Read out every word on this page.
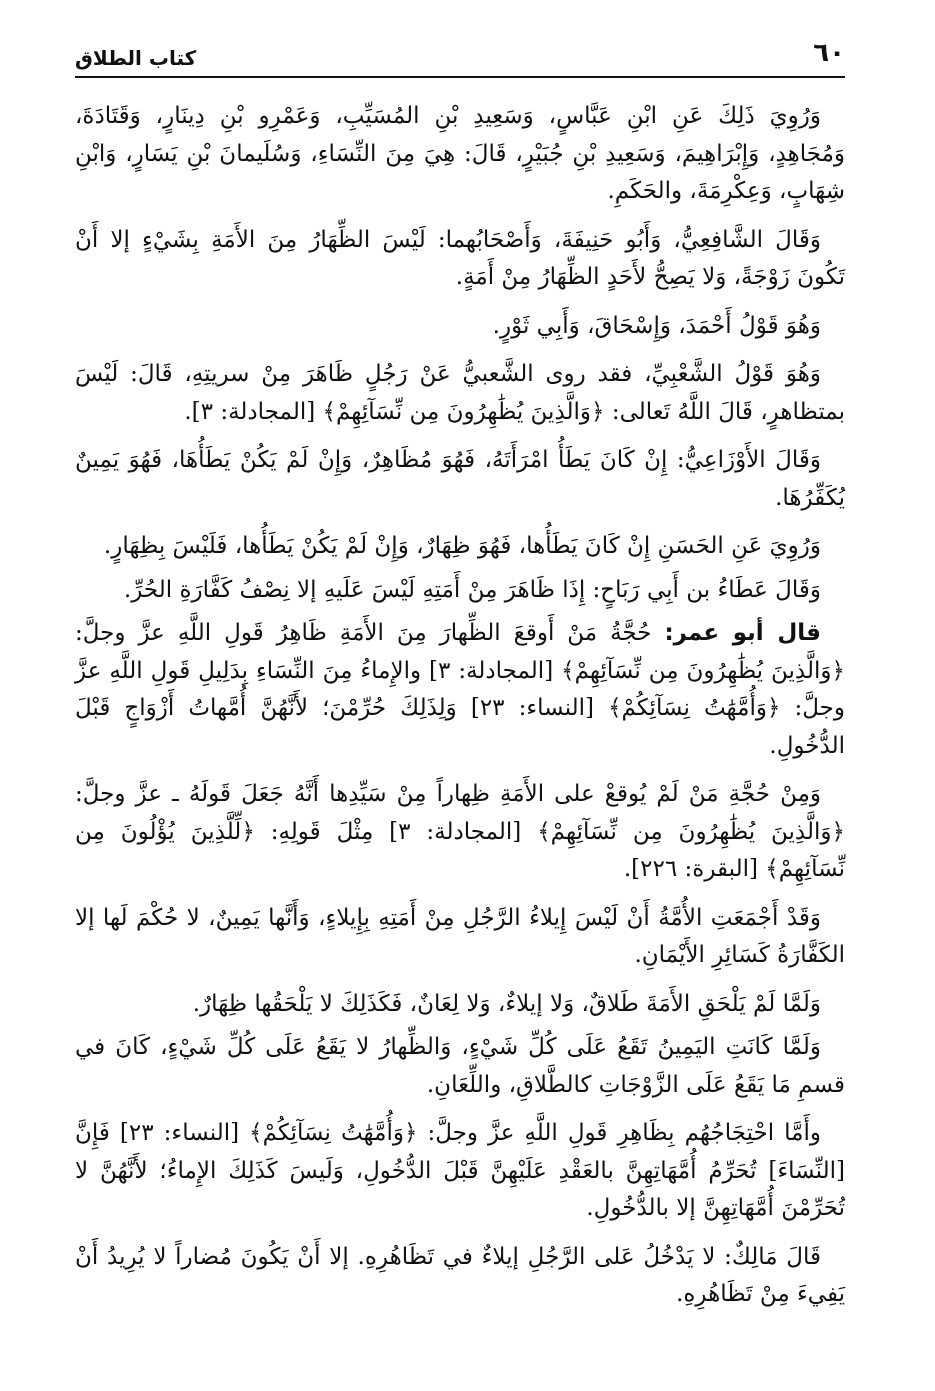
٦٠
كتاب الطلاق

وَرُوِيَ ذَلِكَ عَنِ ابْنِ عَبَّاسٍ، وَسَعِيدِ بْنِ المُسَيِّبِ، وَعَمْرِو بْنِ دِينَارٍ، وَقَتَادَةَ، وَمُجَاهِدٍ، وَإِبْرَاهِيمَ، وَسَعِيدِ بْنِ جُبَيْرٍ، قَالَ: هِيَ مِنَ النِّسَاءِ، وَسُلَيمانَ بْنِ يَسَارٍ، وَابْنِ شِهَابٍ، وَعِكْرِمَةَ، والحَكَمِ.

وَقَالَ الشَّافِعِيُّ، وَأَبُو حَنِيفَةَ، وَأَصْحَابُهما: لَيْسَ الظِّهَارُ مِنَ الأَمَةِ بِشَيْءٍ إلا أَنْ تَكُونَ زَوْجَةً، وَلا يَصِحُّ لأَحَدٍ الظِّهَارُ مِنْ أَمَةٍ.

وَهُوَ قَوْلُ أَحْمَدَ، وَإِسْحَاقَ، وَأَبِي ثَوْرٍ.

وَهُوَ قَوْلُ الشَّعْبِيِّ، فقد روى الشَّعبيُّ عَنْ رَجُلٍ ظَاهَرَ مِنْ سريتِهِ، قَالَ: لَيْسَ بمتظاهرٍ، قَالَ اللَّهُ تَعالى: ﴿وَالَّذِينَ يُظَٰهِرُونَ مِن نِّسَآئِهِمْ﴾ [المجادلة: ٣].

وَقَالَ الأَوْزَاعِيُّ: إِنْ كَانَ يَطَأُ امْرَأَتَهُ، فَهُوَ مُظَاهِرٌ، وَإِنْ لَمْ يَكُنْ يَطَأُهَا، فَهُوَ يَمِينٌ يُكَفِّرُهَا.

وَرُوِيَ عَنِ الحَسَنِ إِنْ كَانَ يَطَأُها، فَهُوَ ظِهَارٌ، وَإِنْ لَمْ يَكُنْ يَطَأُها، فَلَيْسَ بِظِهَارٍ.

وَقَالَ عَطَاءُ بن أَبِي رَبَاحٍ: إِذَا ظَاهَرَ مِنْ أَمَتِهِ لَيْسَ عَلَيهِ إلا نِصْفُ كَفَّارَةِ الحُرِّ.

قال أبو عمر: حُجَّةُ مَنْ أَوقعَ الظِّهارَ مِنَ الأَمَةِ ظَاهِرُ قَولِ اللَّهِ عزَّ وجلَّ: ﴿وَالَّذِينَ يُظَٰهِرُونَ مِن نِّسَآئِهِمْ﴾ [المجادلة: ٣] والإِماءُ مِنَ النِّسَاءِ بِدَلِيلِ قَولِ اللَّهِ عزَّ وجلَّ: ﴿وَأُمَّهَٰتُ نِسَآئِكُمْ﴾ [النساء: ٢٣] وَلِذَلِكَ حُرِّمْنَ؛ لأَنَّهُنَّ أُمَّهاتُ أَزْوَاجٍ قَبْلَ الدُّخُولِ.

وَمِنْ حُجَّةِ مَنْ لَمْ يُوقعْ على الأَمَةِ ظِهاراً مِنْ سَيِّدِها أَنَّهُ جَعَلَ قَولَهُ ـ عزَّ وجلَّ: ﴿وَالَّذِينَ يُظَٰهِرُونَ مِن نِّسَآئِهِمْ﴾ [المجادلة: ٣] مِثْلَ قَولِهِ: ﴿لِّلَّذِينَ يُؤْلُونَ مِن نِّسَآئِهِمْ﴾ [البقرة: ٢٢٦].

وَقَدْ أَجْمَعَتِ الأُمَّةُ أَنْ لَيْسَ إِيلاءُ الرَّجُلِ مِنْ أَمَتِهِ بِإِيلاءٍ، وَأَنَّها يَمِينٌ، لا حُكْمَ لَها إلا الكَفَّارَةُ كَسَائِرِ الأَيْمَانِ.

وَلَمَّا لَمْ يَلْحَقِ الأَمَةَ طَلاقٌ، وَلا إيلاءٌ، وَلا لِعَانٌ، فَكَذَلِكَ لا يَلْحَقُها ظِهَارٌ.

وَلَمَّا كَانَتِ اليَمِينُ تَقَعُ عَلَى كُلِّ شَيْءٍ، وَالظِّهارُ لا يَقَعُ عَلَى كُلِّ شَيْءٍ، كَانَ في قسمِ مَا يَقَعُ عَلَى الزَّوْجَاتِ كالطَّلاقِ، واللِّعَانِ.

وأَمَّا احْتِجَاجُهُم بِظَاهِرِ قَولِ اللَّهِ عزَّ وجلَّ: ﴿وَأُمَّهَٰتُ نِسَآئِكُمْ﴾ [النساء: ٢٣] فَإِنَّ [النِّسَاءَ] تُحَرِّمُ أُمَّهَاتِهِنَّ بالعَقْدِ عَلَيْهِنَّ قَبْلَ الدُّخُولِ، وَلَيسَ كَذَلِكَ الإِماءُ؛ لأَنَّهُنَّ لا تُحَرِّمْنَ أُمَّهَاتِهِنَّ إلا بالدُّخُولِ.

قَالَ مَالِكٌ: لا يَدْخُلُ عَلى الرَّجُلِ إيلاءٌ في تَظَاهُرِهِ. إلا أَنْ يَكُونَ مُضاراً لا يُرِيدُ أَنْ يَفِيءَ مِنْ تَظَاهُرِهِ.
